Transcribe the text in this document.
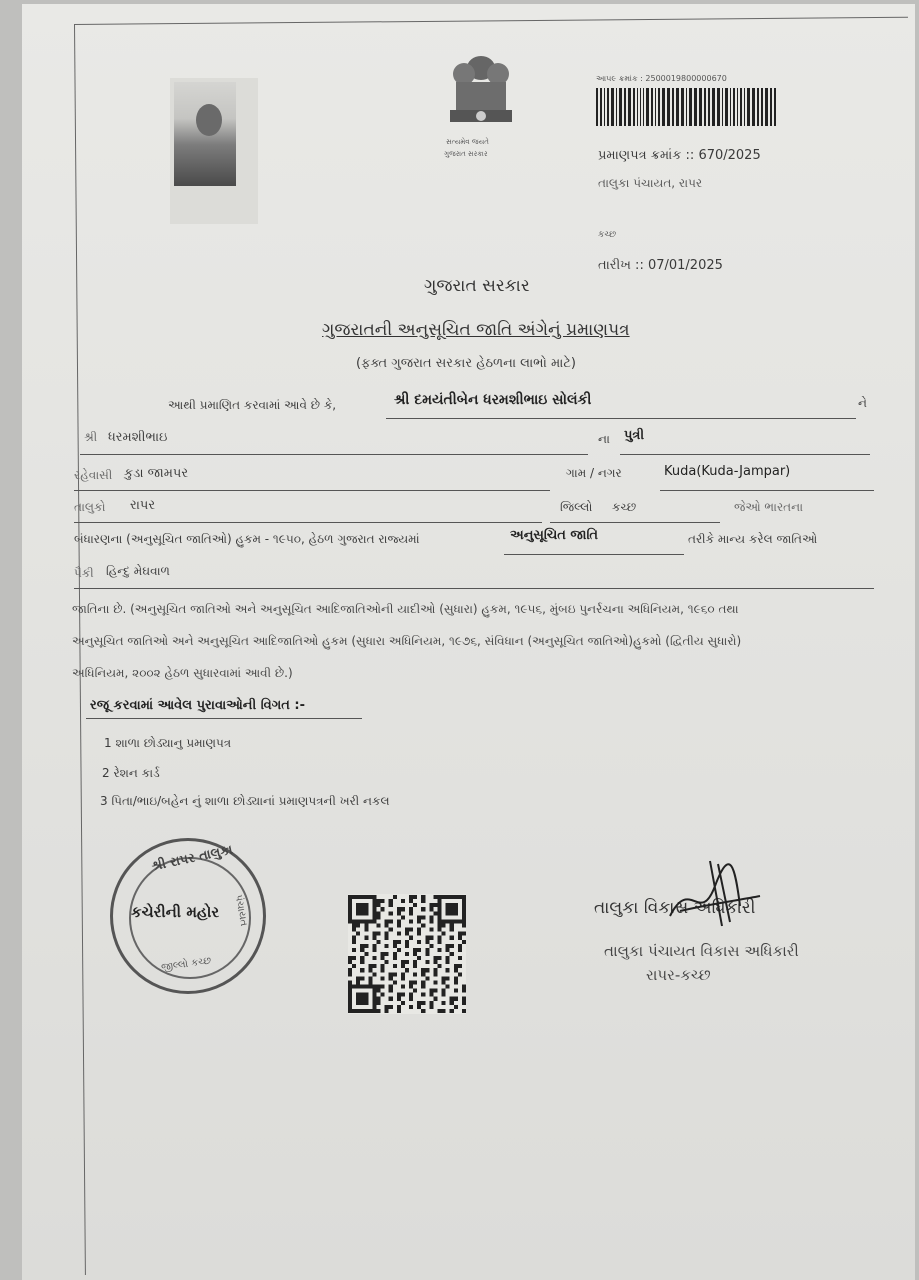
સત્યમેવ જયતે
ગુજરાત સરકાર
આ૫૯ ક્રમાંક : 2500019800000670
પ્રમાણપત્ર ક્રમાંક :: 670/2025
તાલુકા પંચાયત, રાપર
કચ્છ
તારીખ :: 07/01/2025
ગુજરાત સરકાર
ગુજરાતની અનુસૂચિત જાતિ અંગેનું પ્રમાણપત્ર
(ફક્ત ગુજરાત સરકાર હેઠળના લાભો માટે)
આથી પ્રમાણિત કરવામાં આવે છે કે,	શ્રી દમયંતીબેન ધરમશીભાઇ સોલંકી	ને
શ્રી ધરમશીભાઇ	ના પુત્રી
રહેવાસી કુડા જામપર	ગામ / નગર	Kuda(Kuda-Jampar)
તાલુકો રાપર	જિલ્લો કચ્છ	જેઓ ભારતના
બંધારણના (અનુસૂચિત જાતિઓ) હુકમ - ૧૯૫૦, હેઠળ ગુજરાત રાજ્યમાં	અનુસૂચિત જાતિ	તરીકે માન્ય કરેલ જાતિઓ
પૈકી હિન્દુ મેઘવાળ
જાતિના છે. (અનુસૂચિત જાતિઓ અને અનુસૂચિત આદિજાતિઓની યાદીઓ (સુધારા) હુકમ, ૧૯૫૬, મુંબઇ પુનર્રચના અધિનિયમ, ૧૯૬૦ તથા
અનુસૂચિત જાતિઓ અને અનુસૂચિત આદિજાતિઓ હુકમ (સુધારા અધિનિયમ, ૧૯૭૬, સંવિધાન (અનુસૂચિત જાતિઓ)હુકમો (દ્વિતીય સુધારો)
અધિનિયમ, ૨૦૦૨ હેઠળ સુધારવામાં આવી છે.)
રજૂ કરવામાં આવેલ પુરાવાઓની વિગત :-
1 શાળા છોડ્યાનુ પ્રમાણપત્ર
2 રેશન કાર્ડ
3 પિતા/ભાઇ/બહેન નું શાળા છોડ્યાનાં પ્રમાણપત્રની ખરી નકલ
શ્રી રાપર તાલુકા
કચેરીની મહોર
જીલ્લો કચ્છ
પંચાયત	તાલુકા વિકાસ અધિકારી
તાલુકા પંચાયત વિકાસ અધિકારી
રાપર-કચ્છ
